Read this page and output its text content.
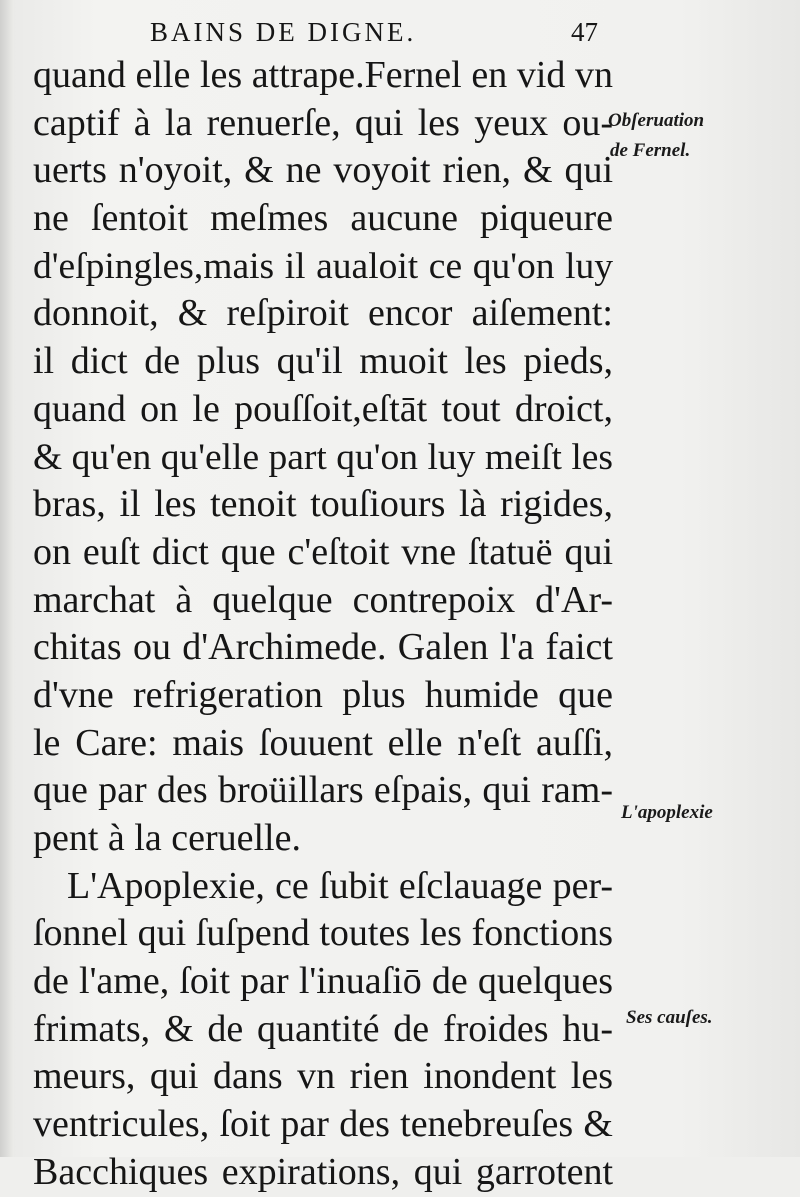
BAINS DE DIGNE.	47
quand elle les attrape.Fernel en vid vn
captif à la renuerſe, qui les yeux ou-
uerts n'oyoit, & ne voyoit rien, & qui
ne ſentoit meſmes aucune piqueure
d'eſpingles,mais il aualoit ce qu'on luy
donnoit, & reſpiroit encor aiſement:
il dict de plus qu'il muoit les pieds,
quand on le pouſſoit,eſtāt tout droict,
& qu'en qu'elle part qu'on luy meiſt les
bras, il les tenoit touſiours là rigides,
on euſt dict que c'eſtoit vne ſtatuë qui
marchat à quelque contrepoix d'Ar-
chitas ou d'Archimede. Galen l'a faict
d'vne refrigeration plus humide que
le Care: mais ſouuent elle n'eſt auſſi,
que par des broüillars eſpais, qui ram-
pent à la ceruelle.
L'Apoplexie, ce ſubit eſclauage per-
ſonnel qui ſuſpend toutes les fonctions
de l'ame, ſoit par l'inuaſiō de quelques
frimats, & de quantité de froides hu-
meurs, qui dans vn rien inondent les
ventricules, ſoit par des tenebreuſes &
Bacchiques expirations, qui garrotent
Obſeruation
de Fernel.
L'apoplexie
Ses cauſes.
